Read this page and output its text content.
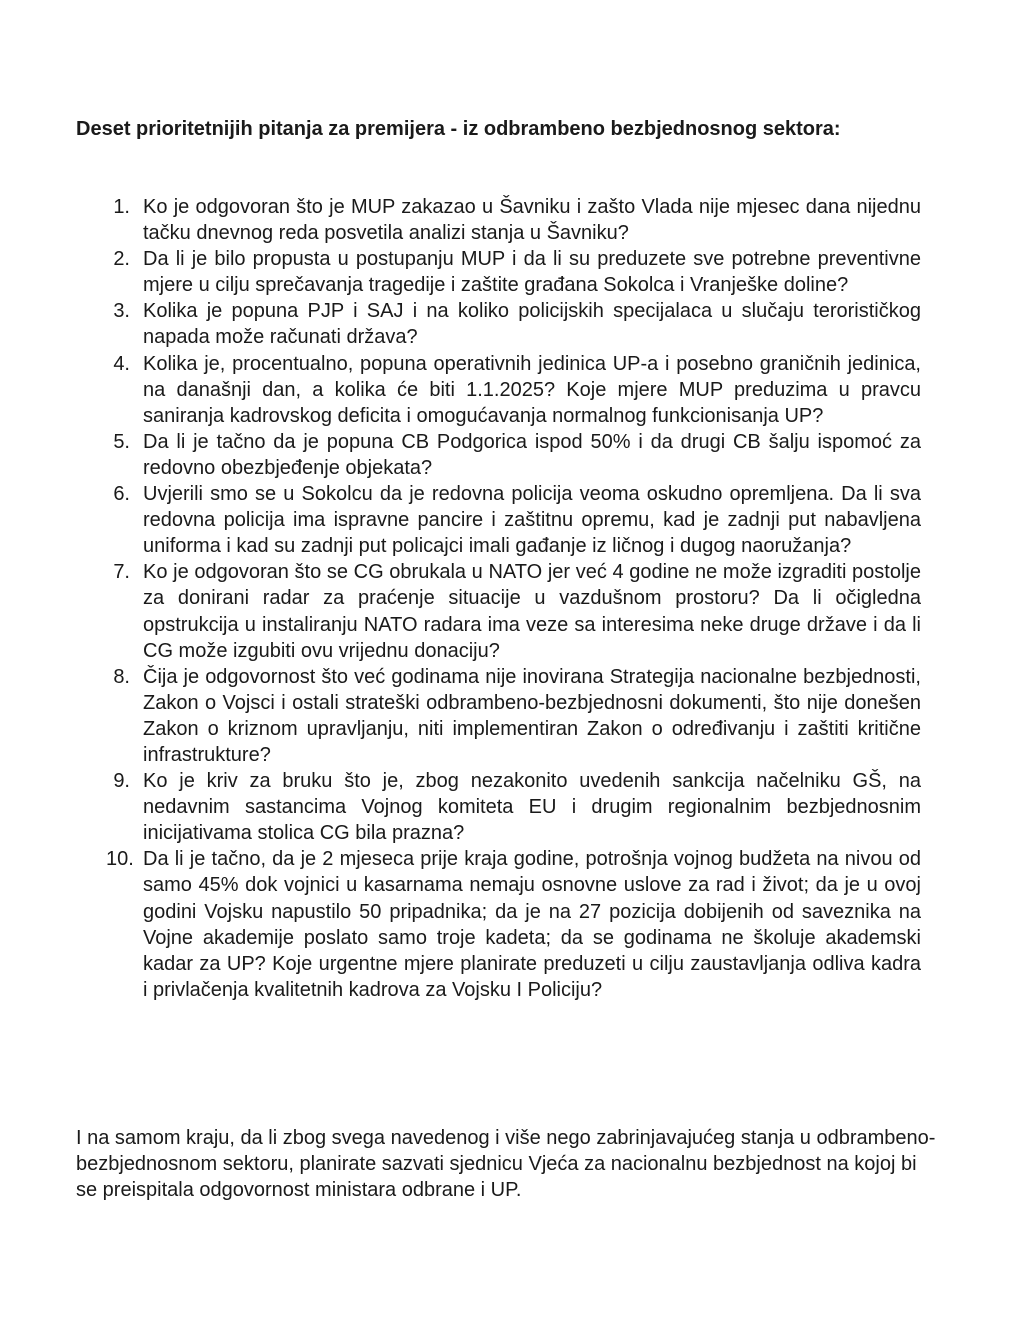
Deset prioritetnijih pitanja za premijera - iz odbrambeno bezbjednosnog sektora:
1. Ko je odgovoran što je MUP zakazao u Šavniku i zašto Vlada nije mjesec dana nijednu tačku dnevnog reda posvetila analizi stanja u Šavniku?
2. Da li je bilo propusta u postupanju MUP i da li su preduzete sve potrebne preventivne mjere u cilju sprečavanja tragedije i zaštite građana Sokolca i Vranješke doline?
3. Kolika je popuna PJP i SAJ i na koliko policijskih specijalaca u slučaju terorističkog napada može računati država?
4. Kolika je, procentualno, popuna operativnih jedinica UP-a i posebno graničnih jedinica, na današnji dan, a kolika će biti 1.1.2025? Koje mjere MUP preduzima u pravcu saniranja kadrovskog deficita i omogućavanja normalnog funkcionisanja UP?
5. Da li je tačno da je popuna CB Podgorica ispod 50% i da drugi CB šalju ispomoć za redovno obezbjeđenje objekata?
6. Uvjerili smo se u Sokolcu da je redovna policija veoma oskudno opremljena. Da li sva redovna policija ima ispravne pancire i zaštitnu opremu, kad je zadnji put nabavljena uniforma i kad su zadnji put policajci imali gađanje iz ličnog i dugog naoružanja?
7. Ko je odgovoran što se CG obrukala u NATO jer već 4 godine ne može izgraditi postolje za donirani radar za praćenje situacije u vazdušnom prostoru? Da li očigledna opstrukcija u instaliranju NATO radara ima veze sa interesima neke druge države i da li CG može izgubiti ovu vrijednu donaciju?
8. Čija je odgovornost što već godinama nije inovirana Strategija nacionalne bezbjednosti, Zakon o Vojsci i ostali strateški odbrambeno-bezbjednosni dokumenti, što nije donešen Zakon o kriznom upravljanju, niti implementiran Zakon o određivanju i zaštiti kritične infrastrukture?
9. Ko je kriv za bruku što je, zbog nezakonito uvedenih sankcija načelniku GŠ, na nedavnim sastancima Vojnog komiteta EU i drugim regionalnim bezbjednosnim inicijativama stolica CG bila prazna?
10. Da li je tačno, da je 2 mjeseca prije kraja godine, potrošnja vojnog budžeta na nivou od samo 45% dok vojnici u kasarnama nemaju osnovne uslove za rad i život; da je u ovoj godini Vojsku napustilo 50 pripadnika; da je na 27 pozicija dobijenih od saveznika na Vojne akademije poslato samo troje kadeta; da se godinama ne školuje akademski kadar za UP? Koje urgentne mjere planirate preduzeti u cilju zaustavljanja odliva kadra i privlačenja kvalitetnih kadrova za Vojsku I Policiju?

I na samom kraju, da li zbog svega navedenog i više nego zabrinjavajućeg stanja u odbrambeno-bezbjednosnom sektoru, planirate sazvati sjednicu Vjeća za nacionalnu bezbjednost na kojoj bi se preispitala odgovornost ministara odbrane i UP.
